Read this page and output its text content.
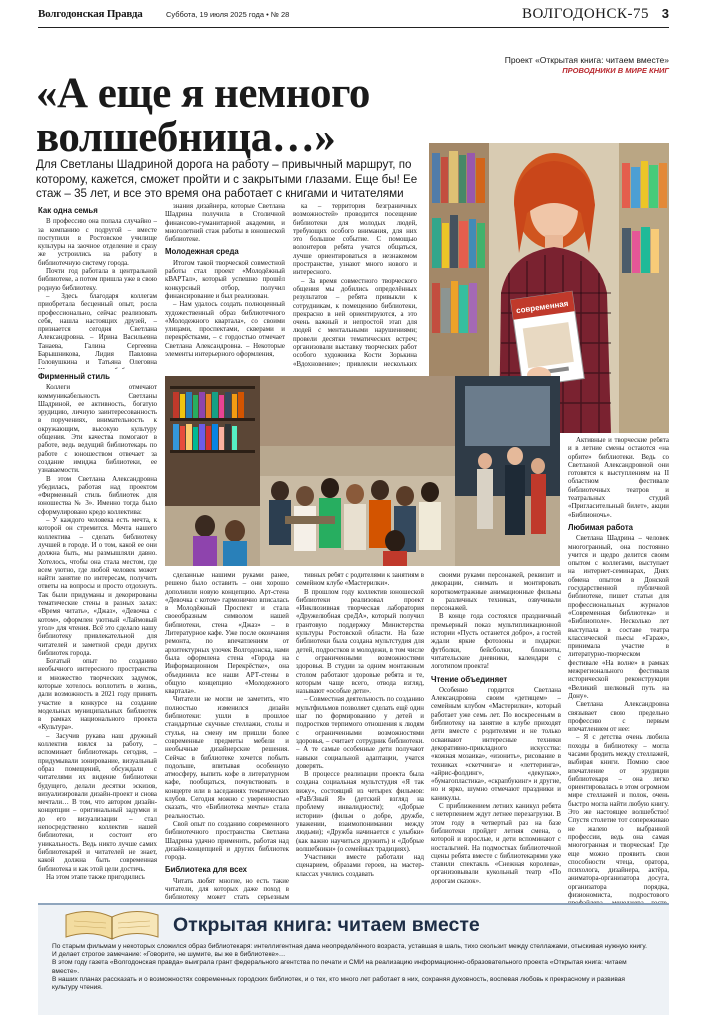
Волгодонская Правда	Суббота, 19 июля 2025 года • № 28	ВОЛГОДОНСК-75 3
Проект «Открытая книга: читаем вместе»
ПРОВОДНИКИ В МИРЕ КНИГ
«А еще я немного волшебница…»
Для Светланы Шадриной дорога на работу – привычный маршрут, по которому, кажется, сможет пройти и с закрытыми глазами. Еще бы! Ее стаж – 35 лет, и все это время она работает с книгами и читателями
современная
Как одна семья

В профессию она попала случайно – за компанию с подругой – вместе поступили в Ростовское училище культуры на заочное отделение и сразу же устроились на работу в библиотечную систему города.

Почти год работала в центральной библиотеке, а потом пришла уже в свою родную библиотеку.

– Здесь благодаря коллегам приобретала бесценный опыт, росла профессионально, сейчас реализовать себя, нашла настоящих друзей, – признается сегодня Светлана Александровна. – Ирина Васильевна Танаева, Галина Сергеевна Барышникова, Лидия Павловна Головушкина и Татьяна Олеговна

знания дизайнера, которые Светлана Шадрина получила в Столичной финансово-гуманитарной академии, и многолетний стаж работы в юношеской библиотеке.

Молодежная среда

Итогом такой творческой совместной работы стал проект «Молодёжный кВАРТал», который успешно прошёл конкурсный отбор, получил финансирование и был реализован.

– Нам удалось создать полноценный художественный образ библиотечного «Молодежного квартала», со своими улицами, проспектами, скверами и перекрёстками, – с гордостью отмечает Светлана Александровна. – Некоторые элементы интерьерного оформления,

ка – территория безграничных возможностей» проводится посещение библиотеки для молодых людей, требующих особого внимания, для них это большое событие. С помощью волонтеров ребята учатся общаться, лучше ориентироваться в незнакомом пространстве, узнают много нового и интересного.

– За время совместного творческого общения мы добились определённых результатов – ребята привыкли к сотрудникам, к помещению библиотеки, прекрасно в ней ориентируются, а это очень важный и непростой этап для людей с ментальными нарушениями; провели десятки тематических встреч; организовали выставку творческих работ особого художника Кости Зорькина «Вдохновение»; привлекли нескольких

Активные и творческие ребята и в летние смены остаются «на орбите» библиотеки. Ведь со Светланой Александровной они готовятся к выступлениям на II областном фестивале библиотечных театров и театральных студий «Пригласительный билет», акции «Библионочь».

Любимая работа

Светлана Шадрина – человек многогранный, она постоянно учится и щедро делится своим опытом с коллегами, выступает на интернет-семинарах, Днях обмена опытом в Донской государственной публичной библиотеке, пишет статьи для профессиональных журналов «Современная библиотека» и «Библиополе». Несколько лет выступала в составе театра классической пьесы «Гараж», принимала участие в литературно-творческом фестивале «На волне» в рамках межрегионального фестиваля исторической реконструкции «Великий шелковый путь на Дону».

Светлана Александровна связывает свою предельно профессию с первым впечатлением от нее:

– Я с детства очень любила походы в библиотеку – могла часами бродить между стеллажей, выбирая книги. Помню свое впечатление от эрудиции библиотекаря – она легко ориентировалась в этом огромном мире стеллажей и полок, очень быстро могла найти любую книгу. Это же настоящее волшебство! Спустя столетие тот сопереживаю не жалею о выбранной профессии, ведь она самая многогранная и творческая! Где еще можно проявить свои способности чтеца, оратора, психолога, дизайнера, актёра, аниматора-организатора досуга, организатора порядка, физиономиста, подростового

Фирменный стиль

Коллеги отмечают коммуникабельность Светланы Шадриной, ее активность, богатую эрудицию, личную заинтересованность в поручениях, внимательность к окружающим, высокую культуру общения. Эти качества помогают в работе, ведь ведущий библиотекарь по работе с юношеством отвечает за создание имиджа библиотеки, ее узнаваемости.

В этом Светлана Александровна убедилась, работая над проектом «Фирменный стиль библиотек для юношества № 3». Именно тогда было сформулировано кредо коллектива:

– У каждого человека есть мечта, к которой он стремится. Мечта нашего коллектива – сделать библиотеку лучшей в городе. И о том, какой ее они должна быть, мы размышляли давно. Хотелось, чтобы она стала местом, где всем уютно, где любой человек может найти занятие по интересам, получить ответы на вопросы и просто отдохнуть. Так были придуманы и декорированы тематические стены в разных залах: «Время читать», «Джаз», «Девочка с котом», оформлен уютный «Лаймовый угол» для чтения. Всё это сделало нашу библиотеку привлекательной для читателей и заметной среди других библиотек города.

Богатый опыт по созданию необычного интересного пространства и множество творческих задумок, которые хотелось воплотить в жизнь, дали возможность в 2021 году принять участие в конкурсе на создание модельных муниципальных библиотек в рамках национального проекта «Культура».

– Засучив рукава наш дружный коллектив взялся за работу, – вспоминает библиотекарь сегодня, – придумывали зонирование, визуальный образ помещений, обсуждали с читателями их видение библиотеки будущего, делали десятки эскизов, визуализировали дизайн-проект и снова мечтали… В том, что автором дизайн-концепции – оригинальный задумки и до его визуализации – стал непосредственно коллектив нашей библиотеки, и состоит его уникальность. Ведь никто лучше самих библиотекарей и читателей не знает, какой должна быть современная библиотека и как этой цели достичь.

На этом этапе также пригодились

сделанные нашими руками ранее, решено было оставить – они хорошо дополнили новую концепцию. Арт-стена «Девочка с котом» гармонично вписалась в Молодёжный Проспект и стала своеобразным символом нашей библиотеки, стена «Джаз» – в Литературное кафе. Уже после окончания ремонта, по впечатлениям от архитектурных улочек Волгодонска, нами была оформлена стена «Города на Информационном Перекрёстке», она объединила все наши АРТ-стены в общую концепцию «Молодежного квартала».

Читатели не могли не заметить, что полностью изменился дизайн библиотеки: ушли в прошлое стандартные скучные стеллажи, столы и стулья, на смену им пришли более современные предметы мебели и необычные дизайнерские решения. Сейчас в библиотеке хочется побыть подольше, впитывая особенную атмосферу, выпить кофе в литературном кафе, пообщаться, почувствовать в концерте или в заседаниях тематических клубов. Сегодня можно с уверенностью сказать, что «Библиотека мечты» стала реальностью.

Свой опыт по созданию современного библиотечного пространства Светлана Шадрина удачно применить, работая над дизайн-концепцией и других библиотек города.

Библиотека для всех

Читать любят многие, но есть такие читатели, для которых даже поход в библиотеку может стать серьезным

тивных ребят с родителями к занятиям в семейном клубе «Мастерилки».

В прошлом году коллектив юношеской библиотеки реализовал проект «Инклюзивная творческая лаборатория «Дружелюбная среДА», который получил грантовую поддержку Министерства культуры Ростовской области. На базе библиотеки была создана мультстудия для детей, подростков и молодежи, в том числе с ограниченными возможностями здоровья. В студии за одним монтажным столом работают здоровые ребята и те, которым чаще всего, отвода взгляд, называют «особые дети».

– Совместная деятельность по созданию мультфильмов позволяет сделать ещё один шаг по формированию у детей и подростков терпимого отношения к людям с ограниченными возможностями здоровья, – считает сотрудник библиотеки. – А те самые особенные дети получают навыки социальной адаптации, учатся доверять.

В процессе реализации проекта была создана социальная мультстудия «Я так вижу», состоящий из четырех фильмов: «РаВ/Зный Я» (детский взгляд на проблему инвалидности); «Добрые истории» (фильм о добре, дружбе, уважении, взаимопонимании между людьми); «Дружба начинается с улыбки» (как важно научиться дружить) и «Добрые волшебники» (о семейных традициях).

Участники вместе работали над сценарием, образами героев, на мастер-классах учились создавать

своими руками персонажей, реквизит и декорации, снимать и монтировать короткометражные анимационные фильмы в различных техниках, озвучивали персонажей.

В конце года состоялся праздничный премьерный показ мультипликационной истории «Пусть останется добро», а гостей ждали яркие фотозоны и подарки: футболки, бейсболки, блокноты, читательские дневники, календари с логотипом проекта!

Чтение объединяет

Особенно гордится Светлана Александровна своим «детищем» – семейным клубом «Мастерилки», который работает уже семь лет. По воскресеньям в библиотеку на занятие в клубе приходят дети вместе с родителями и не только осваивают интересные техники декоративно-прикладного искусства: «кожная мозаика», «изонить», рисование в техниках «скетчинга» и «леттеринга», «айрис-фолдинг», «декупаж», «бумагопластика», «скрапбукинг» и другие, но и ярко, шумно отмечают праздники и каникулы.

С приближением летних каникул ребята с нетерпением ждут летнее перезагрузки. В этом году в четвертый раз на базе библиотеки пройдет летняя смена, о которой и взрослые, и дети вспоминают с ностальгией. На подмостках библиотечной сцены ребята вместе с библиотекарями уже ставили спектакль «Снежная королева», организовывали кукольный театр «По дорогам сказок».

Открытая книга: читаем вместе

По старым фильмам у некоторых сложился образ библиотекаря: интеллигентная дама неопределённого возраста, уставшая в шаль, тихо скользит между стеллажами, отыскивая нужную книгу. И делает строгое замечание: «Говорите, не шумите, вы же в библиотеке»…

В этом году газета «Волгодонская правда» выиграла грант федерального агентства по печати и СМИ на реализацию информационно-образовательного проекта «Открытая книга: читаем вместе».

В наших планах рассказать и о возможностях современных городских библиотек, и о тех, кто много лет работает в них, сохраняя духовность, воспевая любовь к прекрасному и развивая культуру чтения.
